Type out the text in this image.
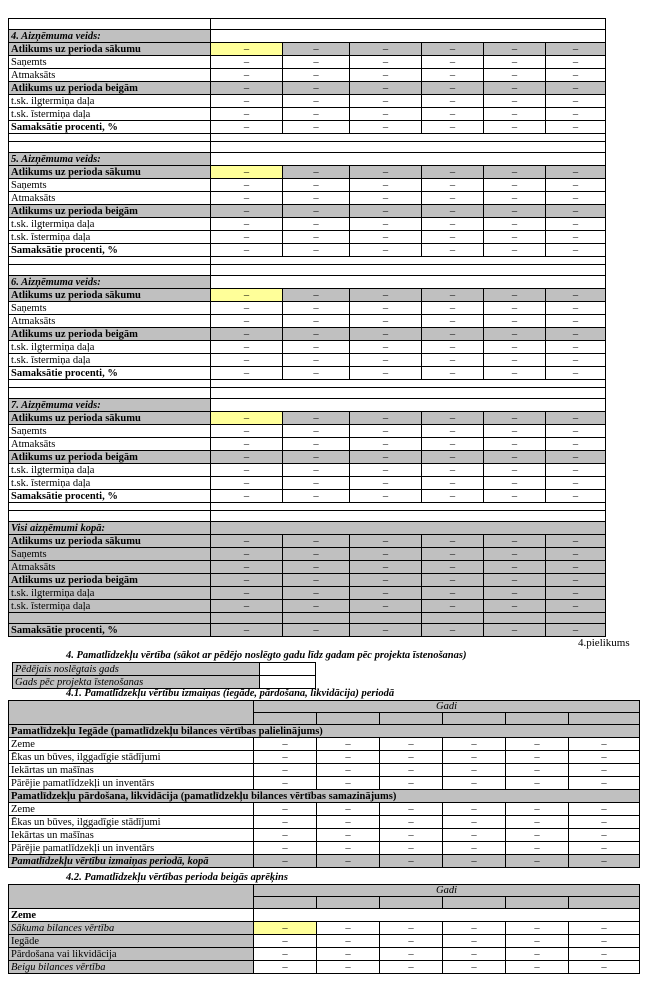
4. Aizņēmuma veids:						
Atlikums uz perioda sākumu	–	–	–	–	–	–
Saņemts	–	–	–	–	–	–
Atmaksāts	–	–	–	–	–	–
Atlikums uz perioda beigām	–	–	–	–	–	–
t.sk. ilgtermiņa daļa	–	–	–	–	–	–
t.sk. īstermiņa daļa	–	–	–	–	–	–
Samaksātie procenti, %	–	–	–	–	–	–

5. Aizņēmuma veids:						
Atlikums uz perioda sākumu	–	–	–	–	–	–
Saņemts	–	–	–	–	–	–
Atmaksāts	–	–	–	–	–	–
Atlikums uz perioda beigām	–	–	–	–	–	–
t.sk. ilgtermiņa daļa	–	–	–	–	–	–
t.sk. īstermiņa daļa	–	–	–	–	–	–
Samaksātie procenti, %	–	–	–	–	–	–

6. Aizņēmuma veids:						
Atlikums uz perioda sākumu	–	–	–	–	–	–
Saņemts	–	–	–	–	–	–
Atmaksāts	–	–	–	–	–	–
Atlikums uz perioda beigām	–	–	–	–	–	–
t.sk. ilgtermiņa daļa	–	–	–	–	–	–
t.sk. īstermiņa daļa	–	–	–	–	–	–
Samaksātie procenti, %	–	–	–	–	–	–

7. Aizņēmuma veids:						
Atlikums uz perioda sākumu	–	–	–	–	–	–
Saņemts	–	–	–	–	–	–
Atmaksāts	–	–	–	–	–	–
Atlikums uz perioda beigām	–	–	–	–	–	–
t.sk. ilgtermiņa daļa	–	–	–	–	–	–
t.sk. īstermiņa daļa	–	–	–	–	–	–
Samaksātie procenti, %	–	–	–	–	–	–

Visi aizņēmumi kopā:						
Atlikums uz perioda sākumu	–	–	–	–	–	–
Saņemts	–	–	–	–	–	–
Atmaksāts	–	–	–	–	–	–
Atlikums uz perioda beigām	–	–	–	–	–	–
t.sk. ilgtermiņa daļa	–	–	–	–	–	–
t.sk. īstermiņa daļa	–	–	–	–	–	–

Samaksātie procenti, %	–	–	–	–	–	–
4.pielikums
4. Pamatlīdzekļu vērtība (sākot ar pēdējo noslēgto gadu līdz gadam pēc projekta īstenošanas)
Pēdējais noslēgtais gads	
Gads pēc projekta īstenošanas	
4.1. Pamatlīdzekļu vērtību izmaiņas (iegāde, pārdošana, likvidācija) periodā
	Gadi					

Pamatlīdzekļu Iegāde (pamatlīdzekļu bilances vērtības palielinājums)						
Zeme	–	–	–	–	–	–
Ēkas un būves, ilggadīgie stādījumi	–	–	–	–	–	–
Iekārtas un mašīnas	–	–	–	–	–	–
Pārējie pamatlīdzekļi un inventārs	–	–	–	–	–	–
Pamatlīdzekļu pārdošana, likvidācija (pamatlīdzekļu bilances vērtības samazinājums)						
Zeme	–	–	–	–	–	–
Ēkas un būves, ilggadīgie stādījumi	–	–	–	–	–	–
Iekārtas un mašīnas	–	–	–	–	–	–
Pārējie pamatlīdzekļi un inventārs	–	–	–	–	–	–
Pamatlīdzekļu vērtību izmaiņas periodā, kopā	–	–	–	–	–	–
4.2. Pamatlīdzekļu vērtības perioda beigās aprēķins
	Gadi					

Zeme						
Sākuma bilances vērtība	–	–	–	–	–	–
Iegāde	–	–	–	–	–	–
Pārdošana vai likvidācija	–	–	–	–	–	–
Beigu bilances vērtība	–	–	–	–	–	–
